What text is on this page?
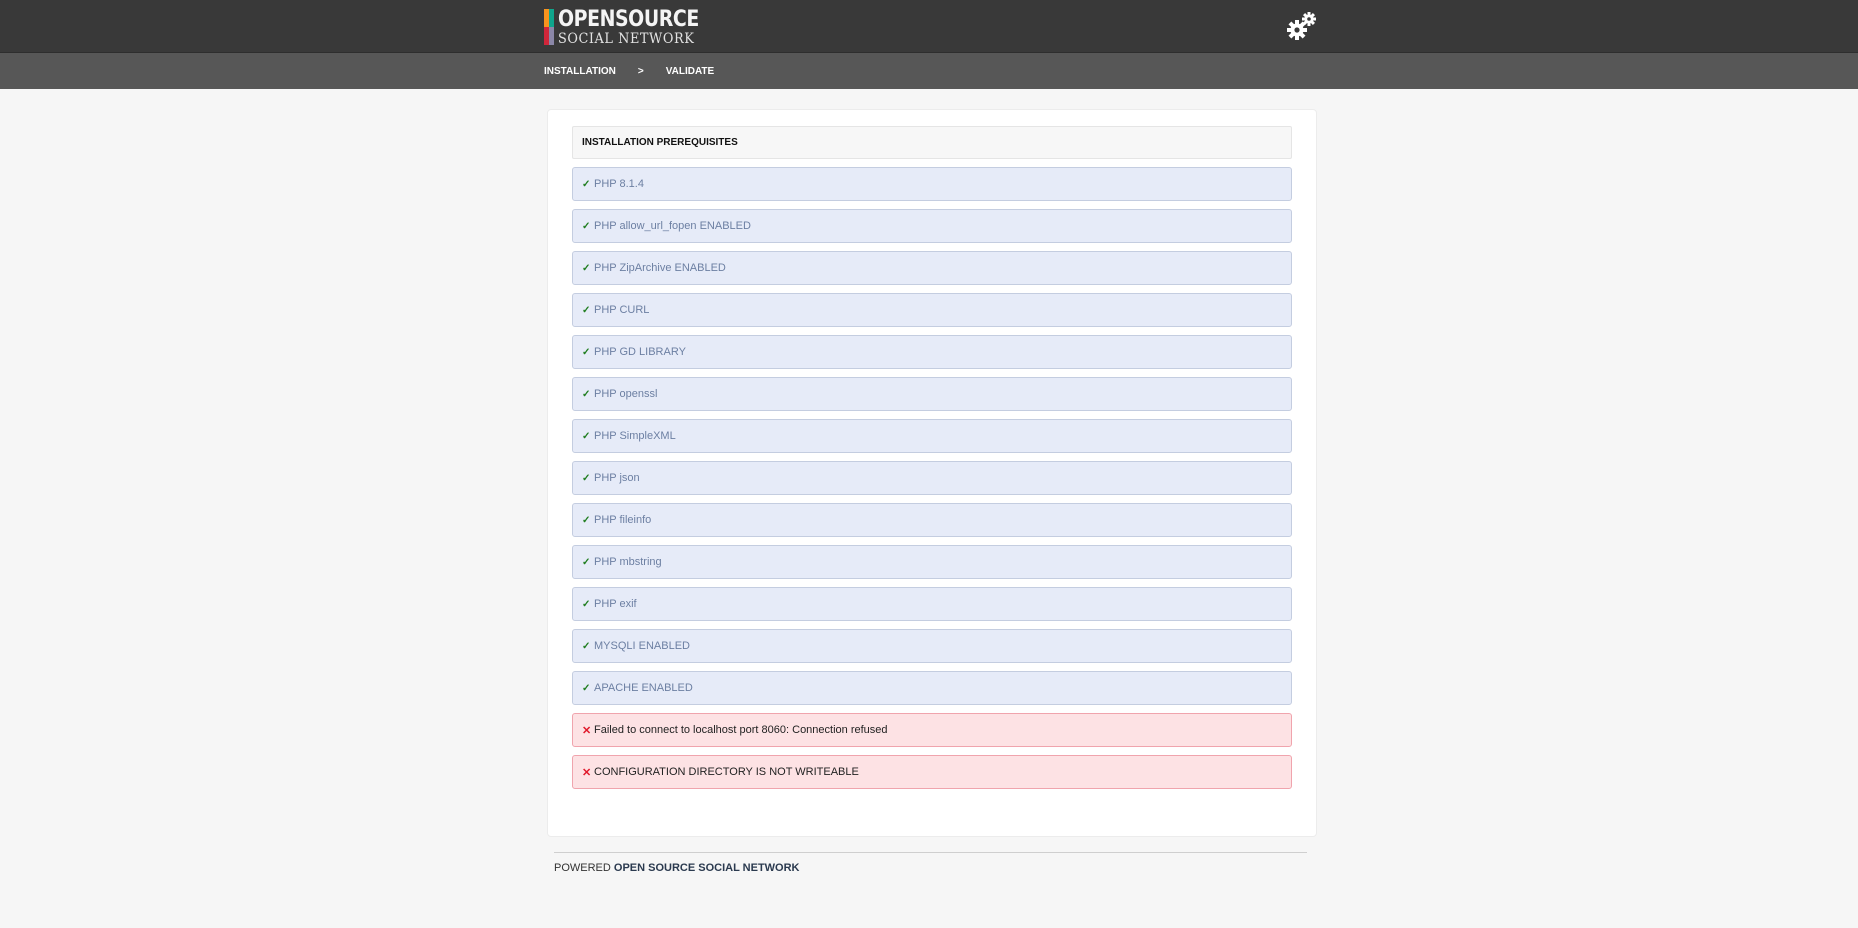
OPENSOURCE
SOCIAL NETWORK
INSTALLATION > VALIDATE
INSTALLATION PREREQUISITES
✓ PHP 8.1.4
✓ PHP allow_url_fopen ENABLED
✓ PHP ZipArchive ENABLED
✓ PHP CURL
✓ PHP GD LIBRARY
✓ PHP openssl
✓ PHP SimpleXML
✓ PHP json
✓ PHP fileinfo
✓ PHP mbstring
✓ PHP exif
✓ MYSQLI ENABLED
✓ APACHE ENABLED
✕ Failed to connect to localhost port 8060: Connection refused
✕ CONFIGURATION DIRECTORY IS NOT WRITEABLE
POWERED OPEN SOURCE SOCIAL NETWORK
